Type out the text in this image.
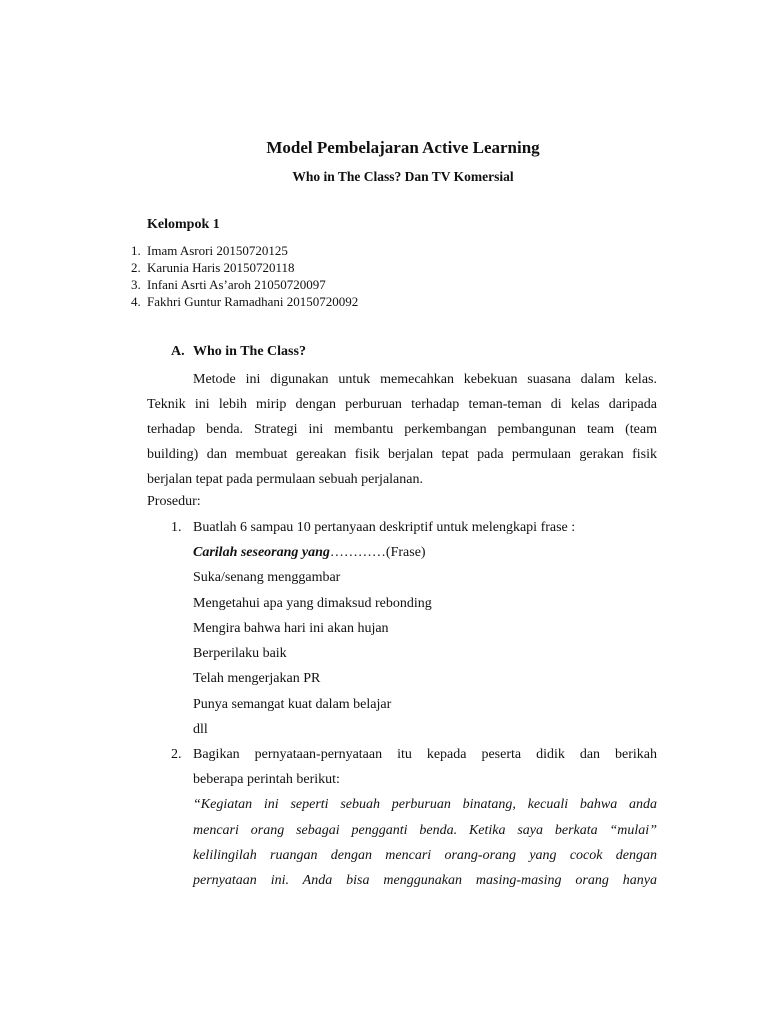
Model Pembelajaran Active Learning
Who in The Class? Dan TV Komersial
Kelompok 1
1. Imam Asrori 20150720125
2. Karunia Haris 20150720118
3. Infani Asrti As’aroh 21050720097
4. Fakhri Guntur Ramadhani 20150720092
A. Who in The Class?
Metode ini digunakan untuk memecahkan kebekuan suasana dalam kelas.
Teknik ini lebih mirip dengan perburuan terhadap teman-teman di kelas daripada
terhadap benda. Strategi ini membantu perkembangan pembangunan team (team
building) dan membuat gereakan fisik berjalan tepat pada permulaan gerakan fisik
berjalan tepat pada permulaan sebuah perjalanan.
Prosedur:
1. Buatlah 6 sampau 10 pertanyaan deskriptif untuk melengkapi frase :
Carilah seseorang yang…………(Frase)
Suka/senang menggambar
Mengetahui apa yang dimaksud rebonding
Mengira bahwa hari ini akan hujan
Berperilaku baik
Telah mengerjakan PR
Punya semangat kuat dalam belajar
dll
2. Bagikan pernyataan-pernyataan itu kepada peserta didik dan berikah
beberapa perintah berikut:
“Kegiatan ini seperti sebuah perburuan binatang, kecuali bahwa anda
mencari orang sebagai pengganti benda. Ketika saya berkata “mulai”
kelilingilah ruangan dengan mencari orang-orang yang cocok dengan
pernyataan ini. Anda bisa menggunakan masing-masing orang hanya
